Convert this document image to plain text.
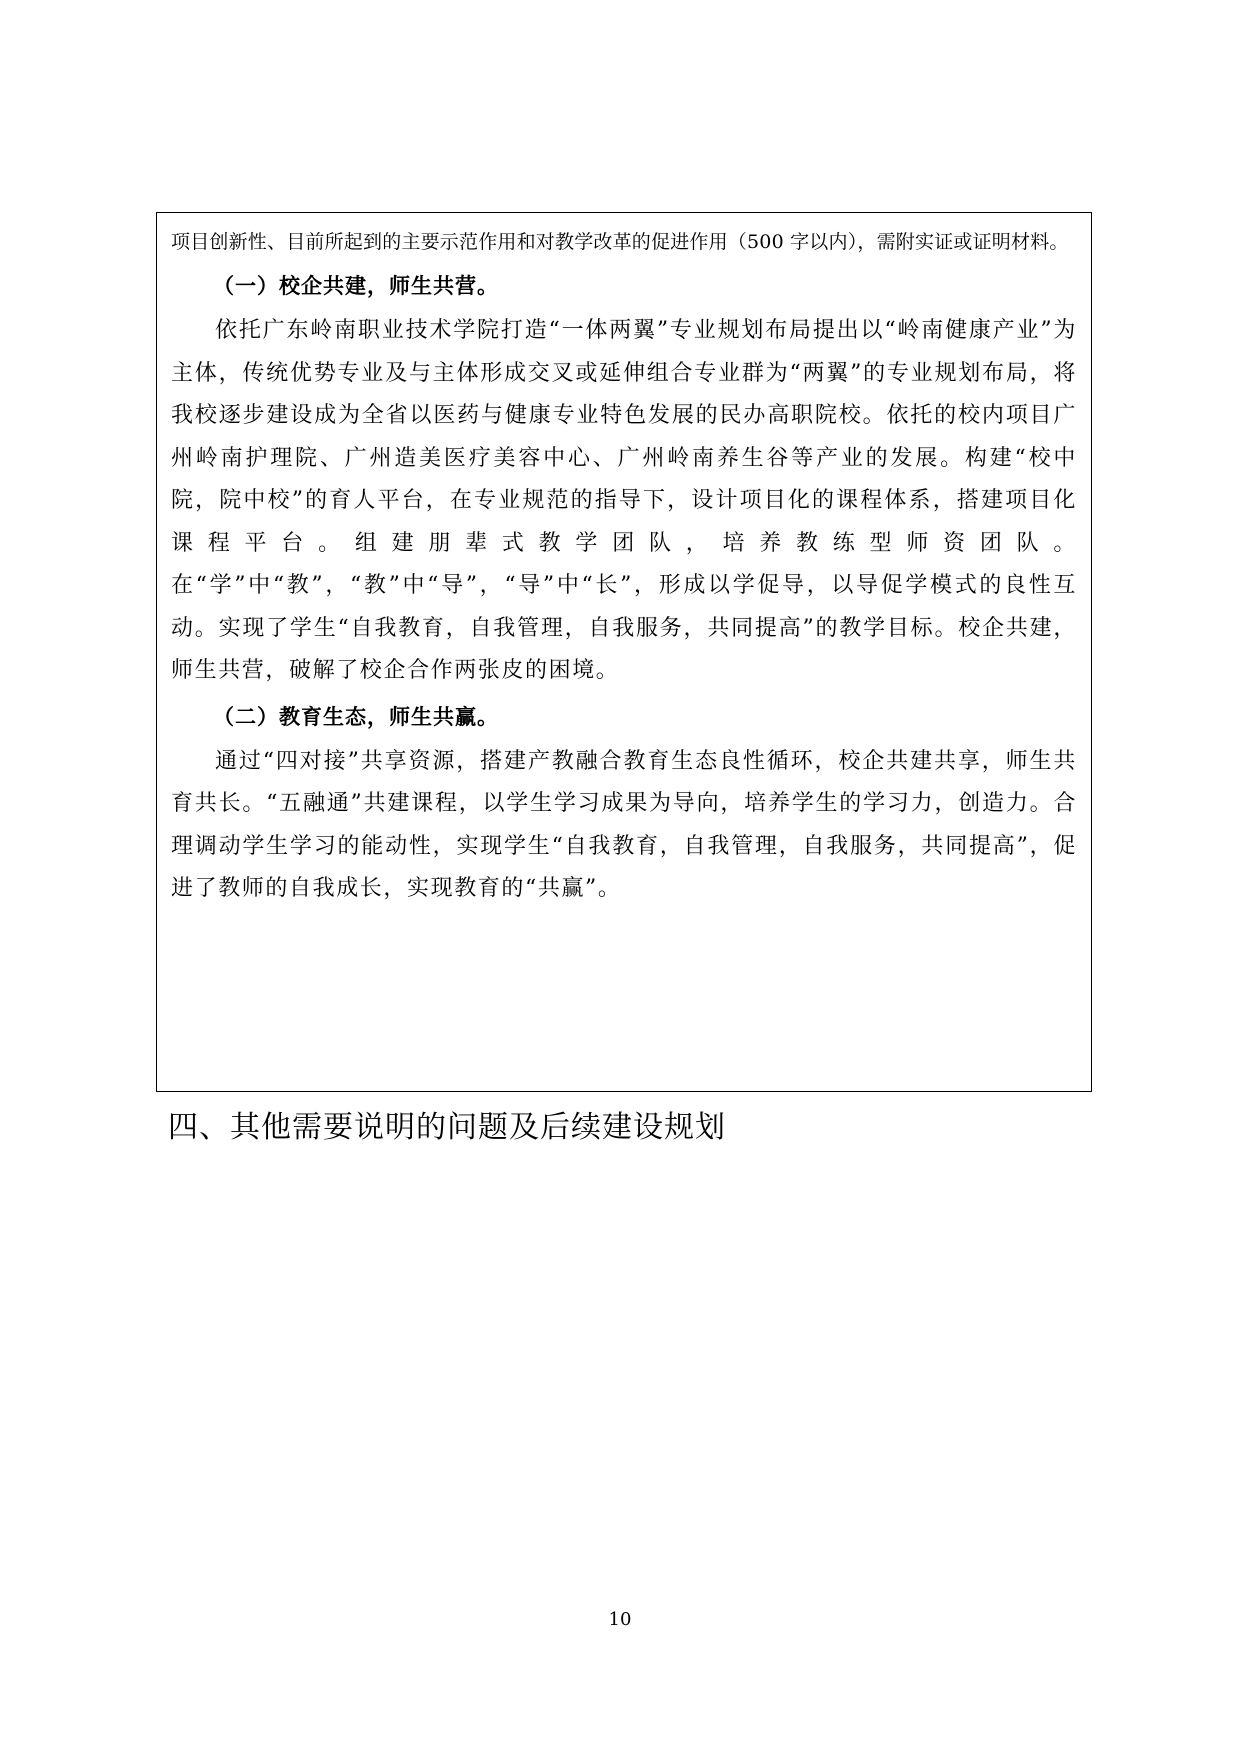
项目创新性、目前所起到的主要示范作用和对教学改革的促进作用（500 字以内），需附实证或证明材料。

（一）校企共建，师生共营。

依托广东岭南职业技术学院打造“一体两翼”专业规划布局提出以“岭南健康产业”为主体，传统优势专业及与主体形成交叉或延伸组合专业群为“两翼”的专业规划布局，将我校逐步建设成为全省以医药与健康专业特色发展的民办高职院校。依托的校内项目广州岭南护理院、广州造美医疗美容中心、广州岭南养生谷等产业的发展。构建“校中院，院中校”的育人平台，在专业规范的指导下，设计项目化的课程体系，搭建项目化课程平台。组建朋辈式教学团队，培养教练型师资团队。在“学”中“教”，“教”中“导”，“导”中“长”，形成以学促导，以导促学模式的良性互动。实现了学生“自我教育，自我管理，自我服务，共同提高”的教学目标。校企共建，师生共营，破解了校企合作两张皮的困境。

（二）教育生态，师生共赢。

通过“四对接”共享资源，搭建产教融合教育生态良性循环，校企共建共享，师生共育共长。“五融通”共建课程，以学生学习成果为导向，培养学生的学习力，创造力。合理调动学生学习的能动性，实现学生“自我教育，自我管理，自我服务，共同提高”，促进了教师的自我成长，实现教育的“共赢”。

四、其他需要说明的问题及后续建设规划
10
